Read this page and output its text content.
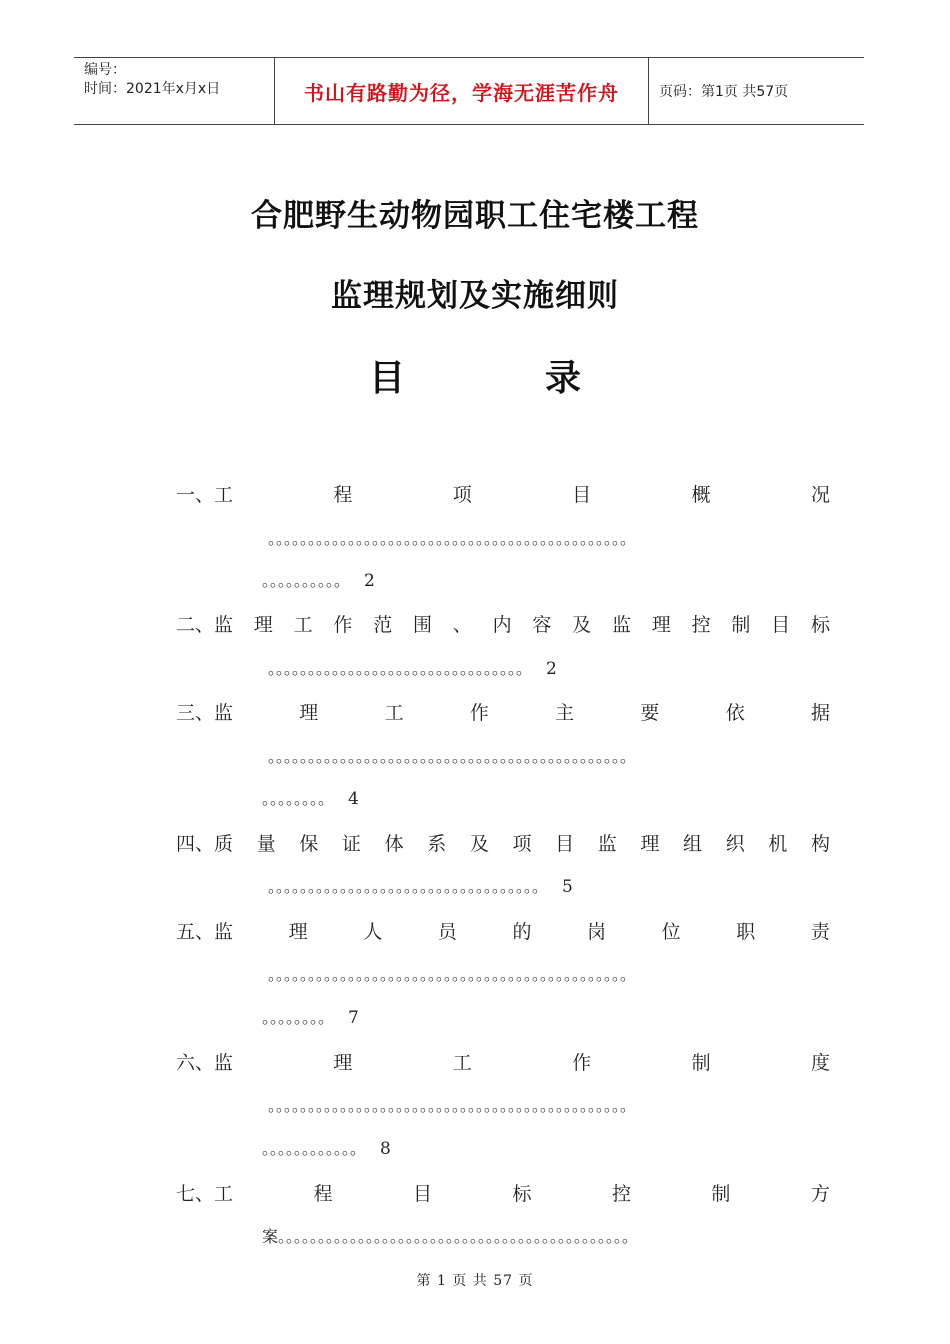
编号：
时间：2021年x月x日	书山有路勤为径，学海无涯苦作舟	页码：第1页 共57页
合肥野生动物园职工住宅楼工程
监理规划及实施细则
目	录
一、工	程	项	目	概	况
。。。。。。。。。。。。。。。。。。。。。。。。。。。。。。。。。。。。。。。。。。。。。
。。。。。。。。。。 2
二、监 理 工 作 范 围 、 内 容 及 监 理 控 制 目 标
。。。。。。。。。。。。。。。。。。。。。。。。。。。。。。。。 2
三、监	理	工	作	主	要	依	据
。。。。。。。。。。。。。。。。。。。。。。。。。。。。。。。。。。。。。。。。。。。。。
。。。。。。。。 4
四、质 量 保 证 体 系 及 项 目 监 理 组 织 机 构
。。。。。。。。。。。。。。。。。。。。。。。。。。。。。。。。。。 5
五、监	理	人	员	的	岗	位	职	责
。。。。。。。。。。。。。。。。。。。。。。。。。。。。。。。。。。。。。。。。。。。。。
。。。。。。。。 7
六、监	理	工	作	制	度
。。。。。。。。。。。。。。。。。。。。。。。。。。。。。。。。。。。。。。。。。。。。。
。。。。。。。。。。。。 8
七、工	程	目	标	控	制	方
案。。。。。。。。。。。。。。。。。。。。。。。。。。。。。。。。。。。。。。。。。。。。
第 1 页 共 57 页
